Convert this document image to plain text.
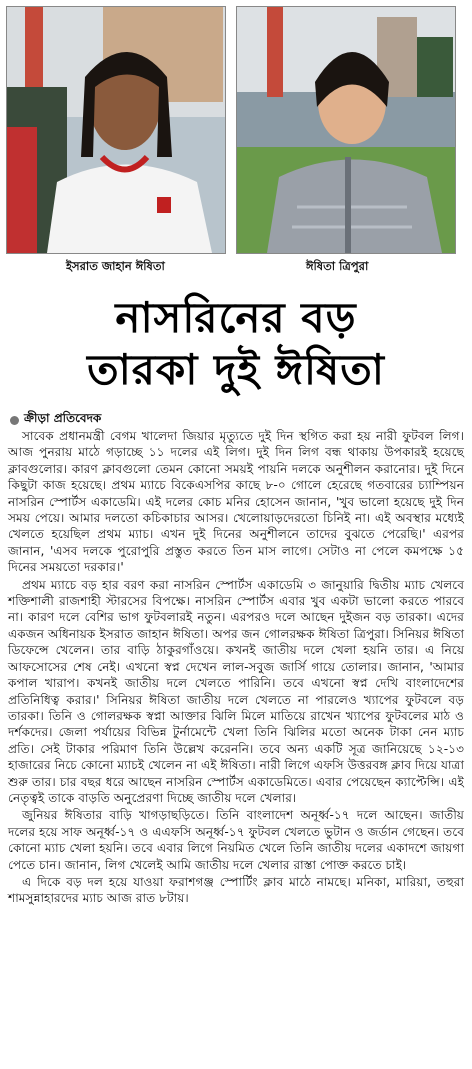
ইসরাত জাহান ঈষিতা	ঈষিতা ত্রিপুরা
নাসরিনের বড়
তারকা দুই ঈষিতা
ক্রীড়া প্রতিবেদক

সাবেক প্রধানমন্ত্রী বেগম খালেদা জিয়ার মৃত্যুতে দুই দিন স্থগিত করা হয় নারী ফুটবল লিগ। আজ পুনরায় মাঠে গড়াচ্ছে ১১ দলের এই লিগ। দুই দিন লিগ বন্ধ থাকায় উপকারই হয়েছে ক্লাবগুলোর। কারণ ক্লাবগুলো তেমন কোনো সময়ই পায়নি দলকে অনুশীলন করানোর। দুই দিনে কিছুটা কাজ হয়েছে। প্রথম ম্যাচে বিকেএসপির কাছে ৮-০ গোলে হেরেছে গতবারের চ্যাম্পিয়ন নাসরিন স্পোর্টস একাডেমি। এই দলের কোচ মনির হোসেন জানান, 'খুব ভালো হয়েছে দুই দিন সময় পেয়ে। আমার দলতো কচিকাচার আসর। খেলোয়াড়দেরতো চিনিই না। এই অবস্থার মধ্যেই খেলতে হয়েছিল প্রথম ম্যাচ। এখন দুই দিনের অনুশীলনে তাদের বুঝতে পেরেছি।' এরপর জানান, 'এসব দলকে পুরোপুরি প্রস্তুত করতে তিন মাস লাগে। সেটাও না পেলে কমপক্ষে ১৫ দিনের সময়তো দরকার।'

প্রথম ম্যাচে বড় হার বরণ করা নাসরিন স্পোর্টস একাডেমি ৩ জানুয়ারি দ্বিতীয় ম্যাচ খেলবে শক্তিশালী রাজশাহী স্টারসের বিপক্ষে। নাসরিন স্পোর্টস এবার খুব একটা ভালো করতে পারবে না। কারণ দলে বেশির ভাগ ফুটবলারই নতুন। এরপরও দলে আছেন দুইজন বড় তারকা। এদের একজন অধিনায়ক ইসরাত জাহান ঈষিতা। অপর জন গোলরক্ষক ঈষিতা ত্রিপুরা। সিনিয়র ঈষিতা ডিফেন্সে খেলেন। তার বাড়ি ঠাকুরগাঁওয়ে। কখনই জাতীয় দলে খেলা হয়নি তার। এ নিয়ে আফসোসের শেষ নেই। এখনো স্বপ্ন দেখেন লাল-সবুজ জার্সি গায়ে তোলার। জানান, 'আমার কপাল খারাপ। কখনই জাতীয় দলে খেলতে পারিনি। তবে এখনো স্বপ্ন দেখি বাংলাদেশের প্রতিনিধিত্ব করার।' সিনিয়র ঈষিতা জাতীয় দলে খেলতে না পারলেও খ্যাপের ফুটবলে বড় তারকা। তিনি ও গোলরক্ষক স্বপ্না আক্তার ঝিলি মিলে মাতিয়ে রাখেন খ্যাপের ফুটবলের মাঠ ও দর্শকদের। জেলা পর্যায়ের বিভিন্ন টুর্নামেন্টে খেলা তিনি ঝিলির মতো অনেক টাকা নেন ম্যাচ প্রতি। সেই টাকার পরিমাণ তিনি উল্লেখ করেননি। তবে অন্য একটি সূত্র জানিয়েছে ১২-১৩ হাজারের নিচে কোনো ম্যাচই খেলেন না এই ঈষিতা। নারী লিগে এফসি উত্তরবঙ্গ ক্লাব দিয়ে যাত্রা শুরু তার। চার বছর ধরে আছেন নাসরিন স্পোর্টস একাডেমিতে। এবার পেয়েছেন ক্যাপ্টেন্সি। এই নেতৃত্বই তাকে বাড়তি অনুপ্রেরণা দিচ্ছে জাতীয় দলে খেলার।

জুনিয়র ঈষিতার বাড়ি খাগড়াছড়িতে। তিনি বাংলাদেশ অনূর্ধ্ব-১৭ দলে আছেন। জাতীয় দলের হয়ে সাফ অনূর্ধ্ব-১৭ ও এএফসি অনূর্ধ্ব-১৭ ফুটবল খেলতে ভুটান ও জর্ডান গেছেন। তবে কোনো ম্যাচ খেলা হয়নি। তবে এবার লিগে নিয়মিত খেলে তিনি জাতীয় দলের একাদশে জায়গা পেতে চান। জানান, লিগ খেলেই আমি জাতীয় দলে খেলার রাস্তা পোক্ত করতে চাই।

এ দিকে বড় দল হয়ে যাওয়া ফরাশগঞ্জ স্পোর্টিং ক্লাব মাঠে নামছে। মনিকা, মারিয়া, তহুরা শামসুন্নাহারদের ম্যাচ আজ রাত ৮টায়।
